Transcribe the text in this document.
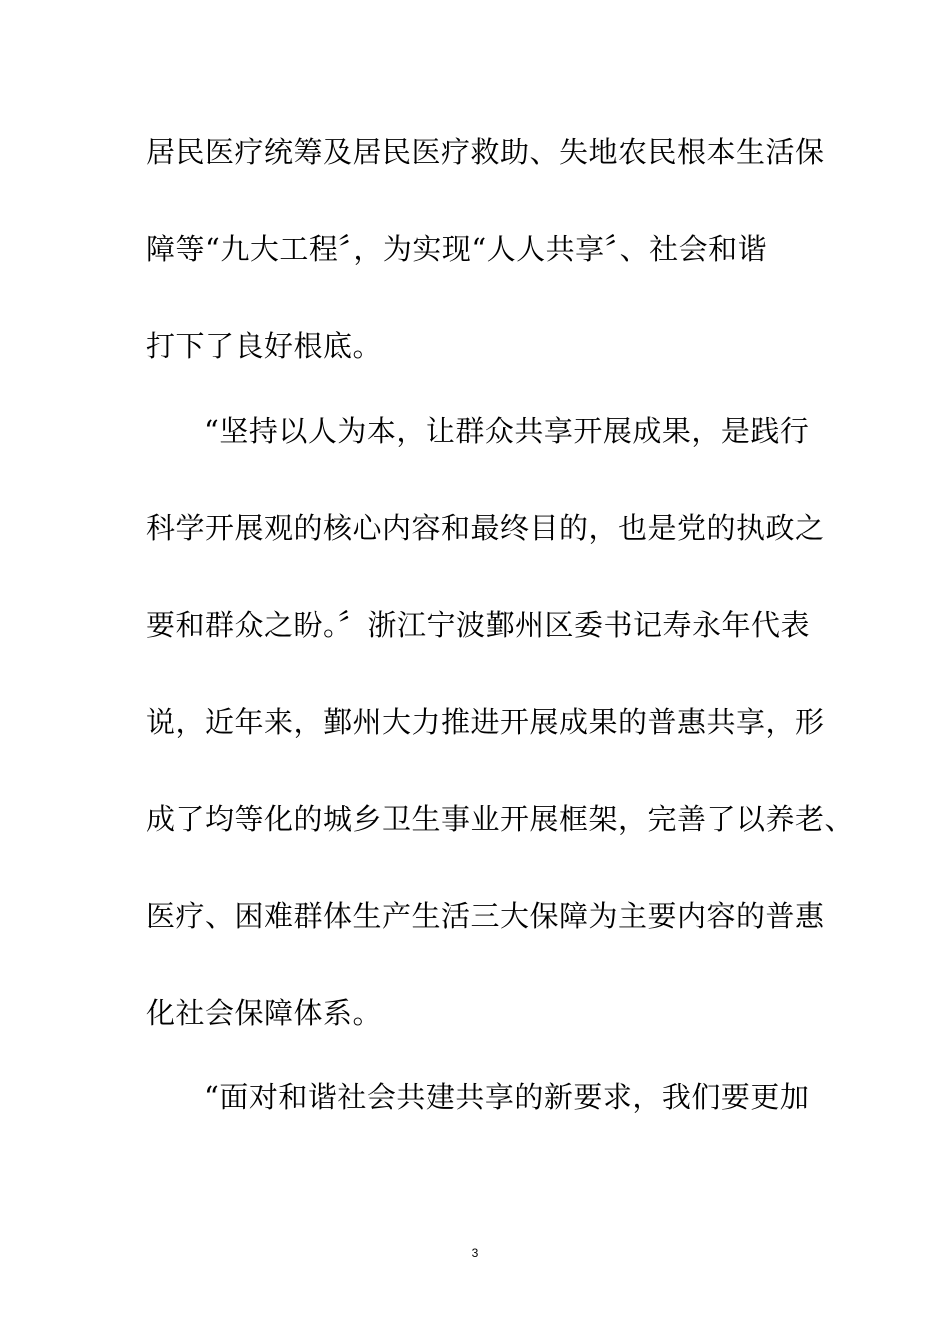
居民医疗统筹及居民医疗救助、失地农民根本生活保
障等“九大工程〞，为实现“人人共享〞、社会和谐
打下了良好根底。
“坚持以人为本，让群众共享开展成果，是践行
科学开展观的核心内容和最终目的，也是党的执政之
要和群众之盼。〞浙江宁波鄞州区委书记寿永年代表
说，近年来，鄞州大力推进开展成果的普惠共享，形
成了均等化的城乡卫生事业开展框架，完善了以养老、
医疗、困难群体生产生活三大保障为主要内容的普惠
化社会保障体系。
“面对和谐社会共建共享的新要求，我们要更加
3
